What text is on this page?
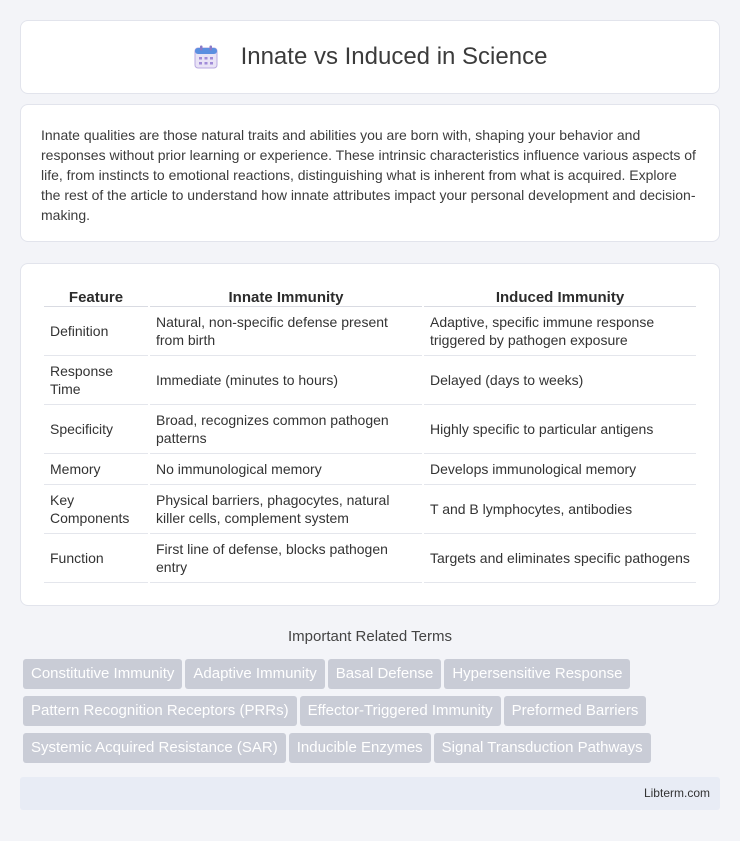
Innate vs Induced in Science

Innate qualities are those natural traits and abilities you are born with, shaping your behavior and responses without prior learning or experience. These intrinsic characteristics influence various aspects of life, from instincts to emotional reactions, distinguishing what is inherent from what is acquired. Explore the rest of the article to understand how innate attributes impact your personal development and decision-making.

Feature	Innate Immunity	Induced Immunity
Definition	Natural, non-specific defense present from birth	Adaptive, specific immune response triggered by pathogen exposure
Response Time	Immediate (minutes to hours)	Delayed (days to weeks)
Specificity	Broad, recognizes common pathogen patterns	Highly specific to particular antigens
Memory	No immunological memory	Develops immunological memory
Key Components	Physical barriers, phagocytes, natural killer cells, complement system	T and B lymphocytes, antibodies
Function	First line of defense, blocks pathogen entry	Targets and eliminates specific pathogens
Important Related Terms
Constitutive Immunity Adaptive Immunity Basal Defense Hypersensitive Response
Pattern Recognition Receptors (PRRs) Effector-Triggered Immunity Preformed Barriers
Systemic Acquired Resistance (SAR) Inducible Enzymes Signal Transduction Pathways
Libterm.com
